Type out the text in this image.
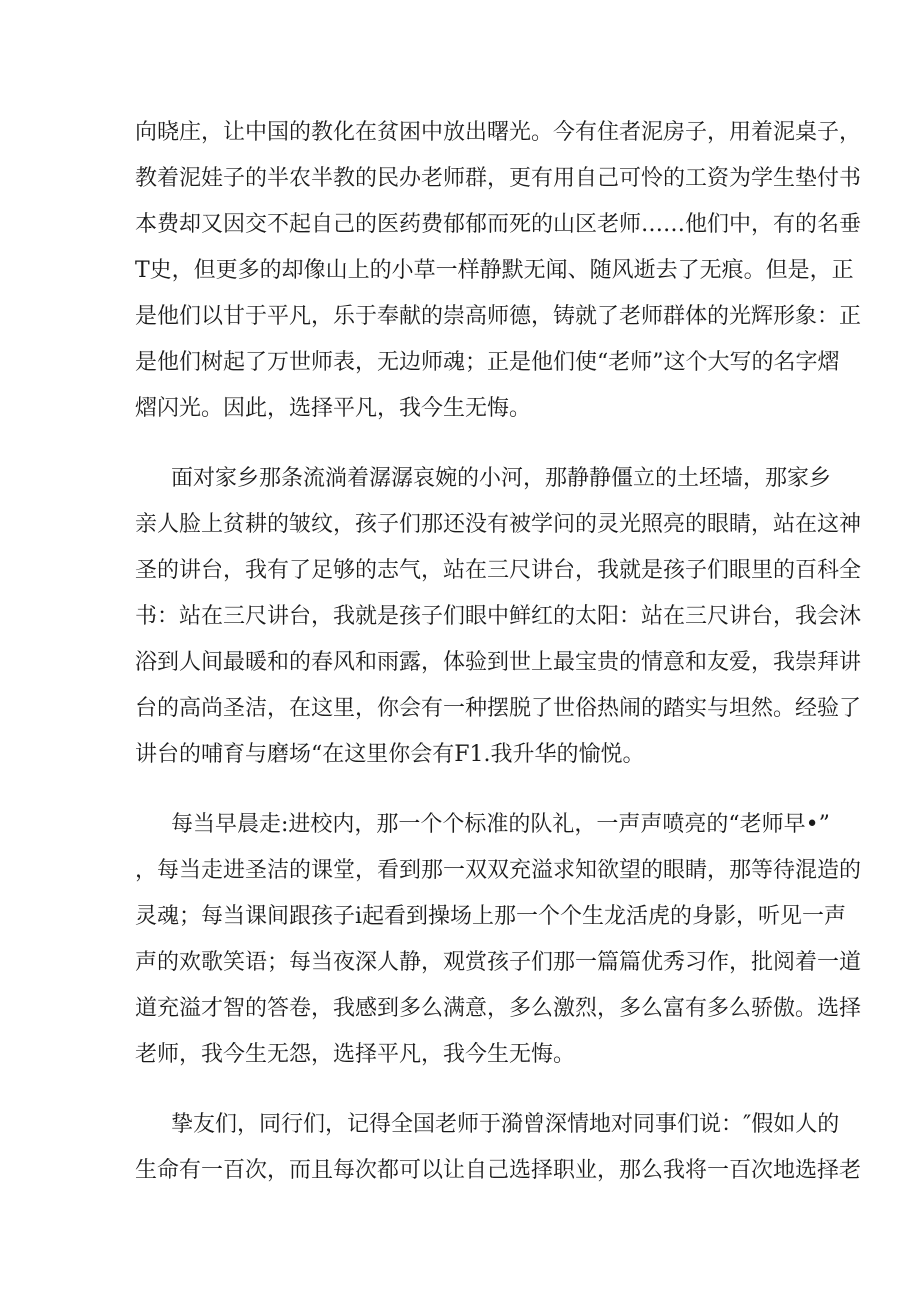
向晓庄，让中国的教化在贫困中放出曙光。今有住者泥房子，用着泥桌子，
教着泥娃子的半农半教的民办老师群，更有用自己可怜的工资为学生垫付书
本费却又因交不起自己的医药费郁郁而死的山区老师……他们中，有的名垂
T史，但更多的却像山上的小草一样静默无闻、随风逝去了无痕。但是，正
是他们以甘于平凡，乐于奉献的崇高师德，铸就了老师群体的光辉形象：正
是他们树起了万世师表，无边师魂；正是他们使“老师”这个大写的名字熠
熠闪光。因此，选择平凡，我今生无悔。
面对家乡那条流淌着潺潺哀婉的小河，那静静僵立的土坯墙，那家乡
亲人脸上贫耕的皱纹，孩子们那还没有被学问的灵光照亮的眼睛，站在这神
圣的讲台，我有了足够的志气，站在三尺讲台，我就是孩子们眼里的百科全
书：站在三尺讲台，我就是孩子们眼中鲜红的太阳：站在三尺讲台，我会沐
浴到人间最暖和的春风和雨露，体验到世上最宝贵的情意和友爱，我崇拜讲
台的高尚圣洁，在这里，你会有一种摆脱了世俗热闹的踏实与坦然。经验了
讲台的哺育与磨场“在这里你会有F1.我升华的愉悦。
每当早晨走:进校内，那一个个标准的队礼，一声声喷亮的“老师早•”
，每当走进圣洁的课堂，看到那一双双充溢求知欲望的眼睛，那等待混造的
灵魂；每当课间跟孩子i起看到操场上那一个个生龙活虎的身影，听见一声
声的欢歌笑语；每当夜深人静，观赏孩子们那一篇篇优秀习作，批阅着一道
道充溢才智的答卷，我感到多么满意，多么激烈，多么富有多么骄傲。选择
老师，我今生无怨，选择平凡，我今生无悔。
挚友们，同行们，记得全国老师于漪曾深情地对同事们说：″假如人的
生命有一百次，而且每次都可以让自己选择职业，那么我将一百次地选择老
